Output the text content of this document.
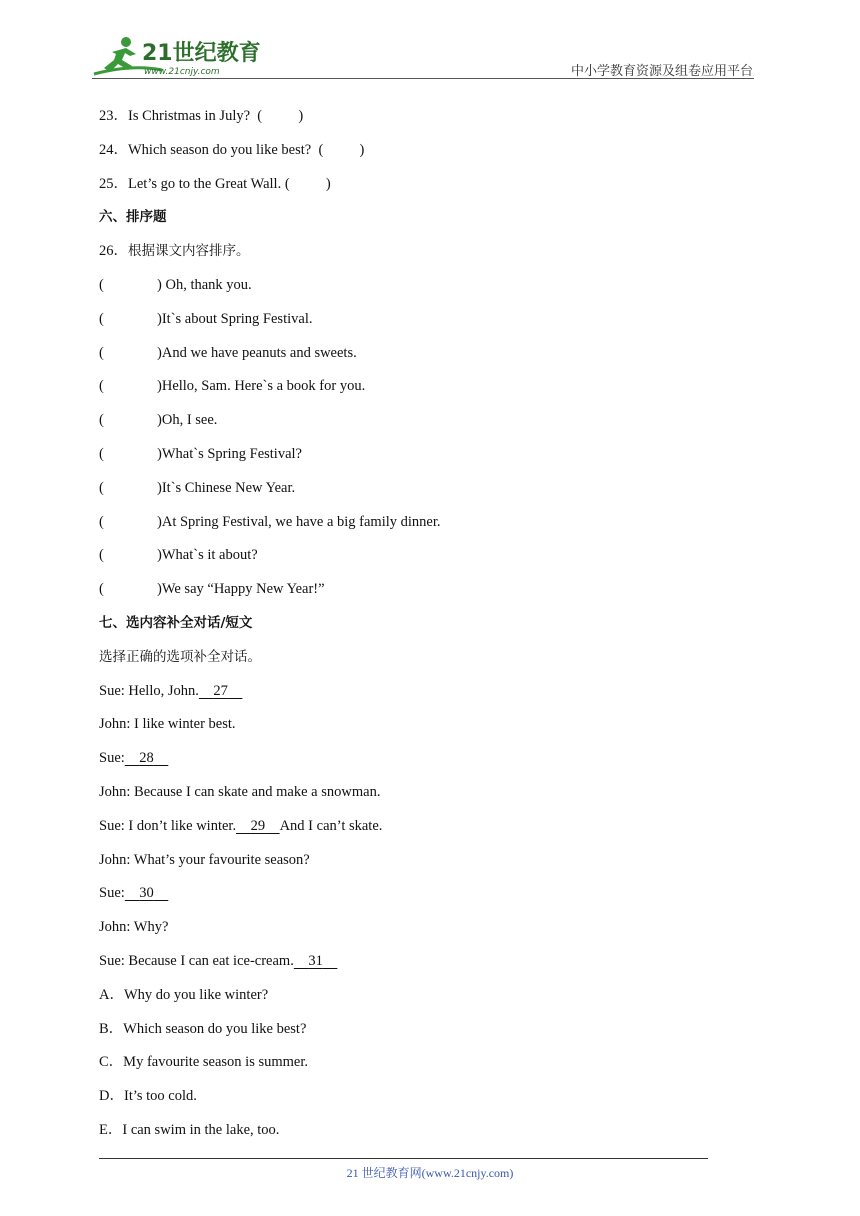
21世纪教育
www.21cnjy.com	中小学教育资源及组卷应用平台
23．Is Christmas in July?  (          )
24．Which season do you like best?  (          )
25．Let’s go to the Great Wall. (          )
六、排序题
26．根据课文内容排序。
(	) Oh, thank you.
(	)It`s about Spring Festival.
(	)And we have peanuts and sweets.
(	)Hello, Sam. Here`s a book for you.
(	)Oh, I see.
(	)What`s Spring Festival?
(	)It`s Chinese New Year.
(	)At Spring Festival, we have a big family dinner.
(	)What`s it about?
(	)We say “Happy New Year!”
七、选内容补全对话/短文
选择正确的选项补全对话。
Sue: Hello, John. 27
John: I like winter best.
Sue: 28
John: Because I can skate and make a snowman.
Sue: I don’t like winter. 29 And I can’t skate.
John: What’s your favourite season?
Sue: 30
John: Why?
Sue: Because I can eat ice-cream. 31
A．Why do you like winter?
B．Which season do you like best?
C．My favourite season is summer.
D．It’s too cold.
E．I can swim in the lake, too.
21 世纪教育网(www.21cnjy.com)
